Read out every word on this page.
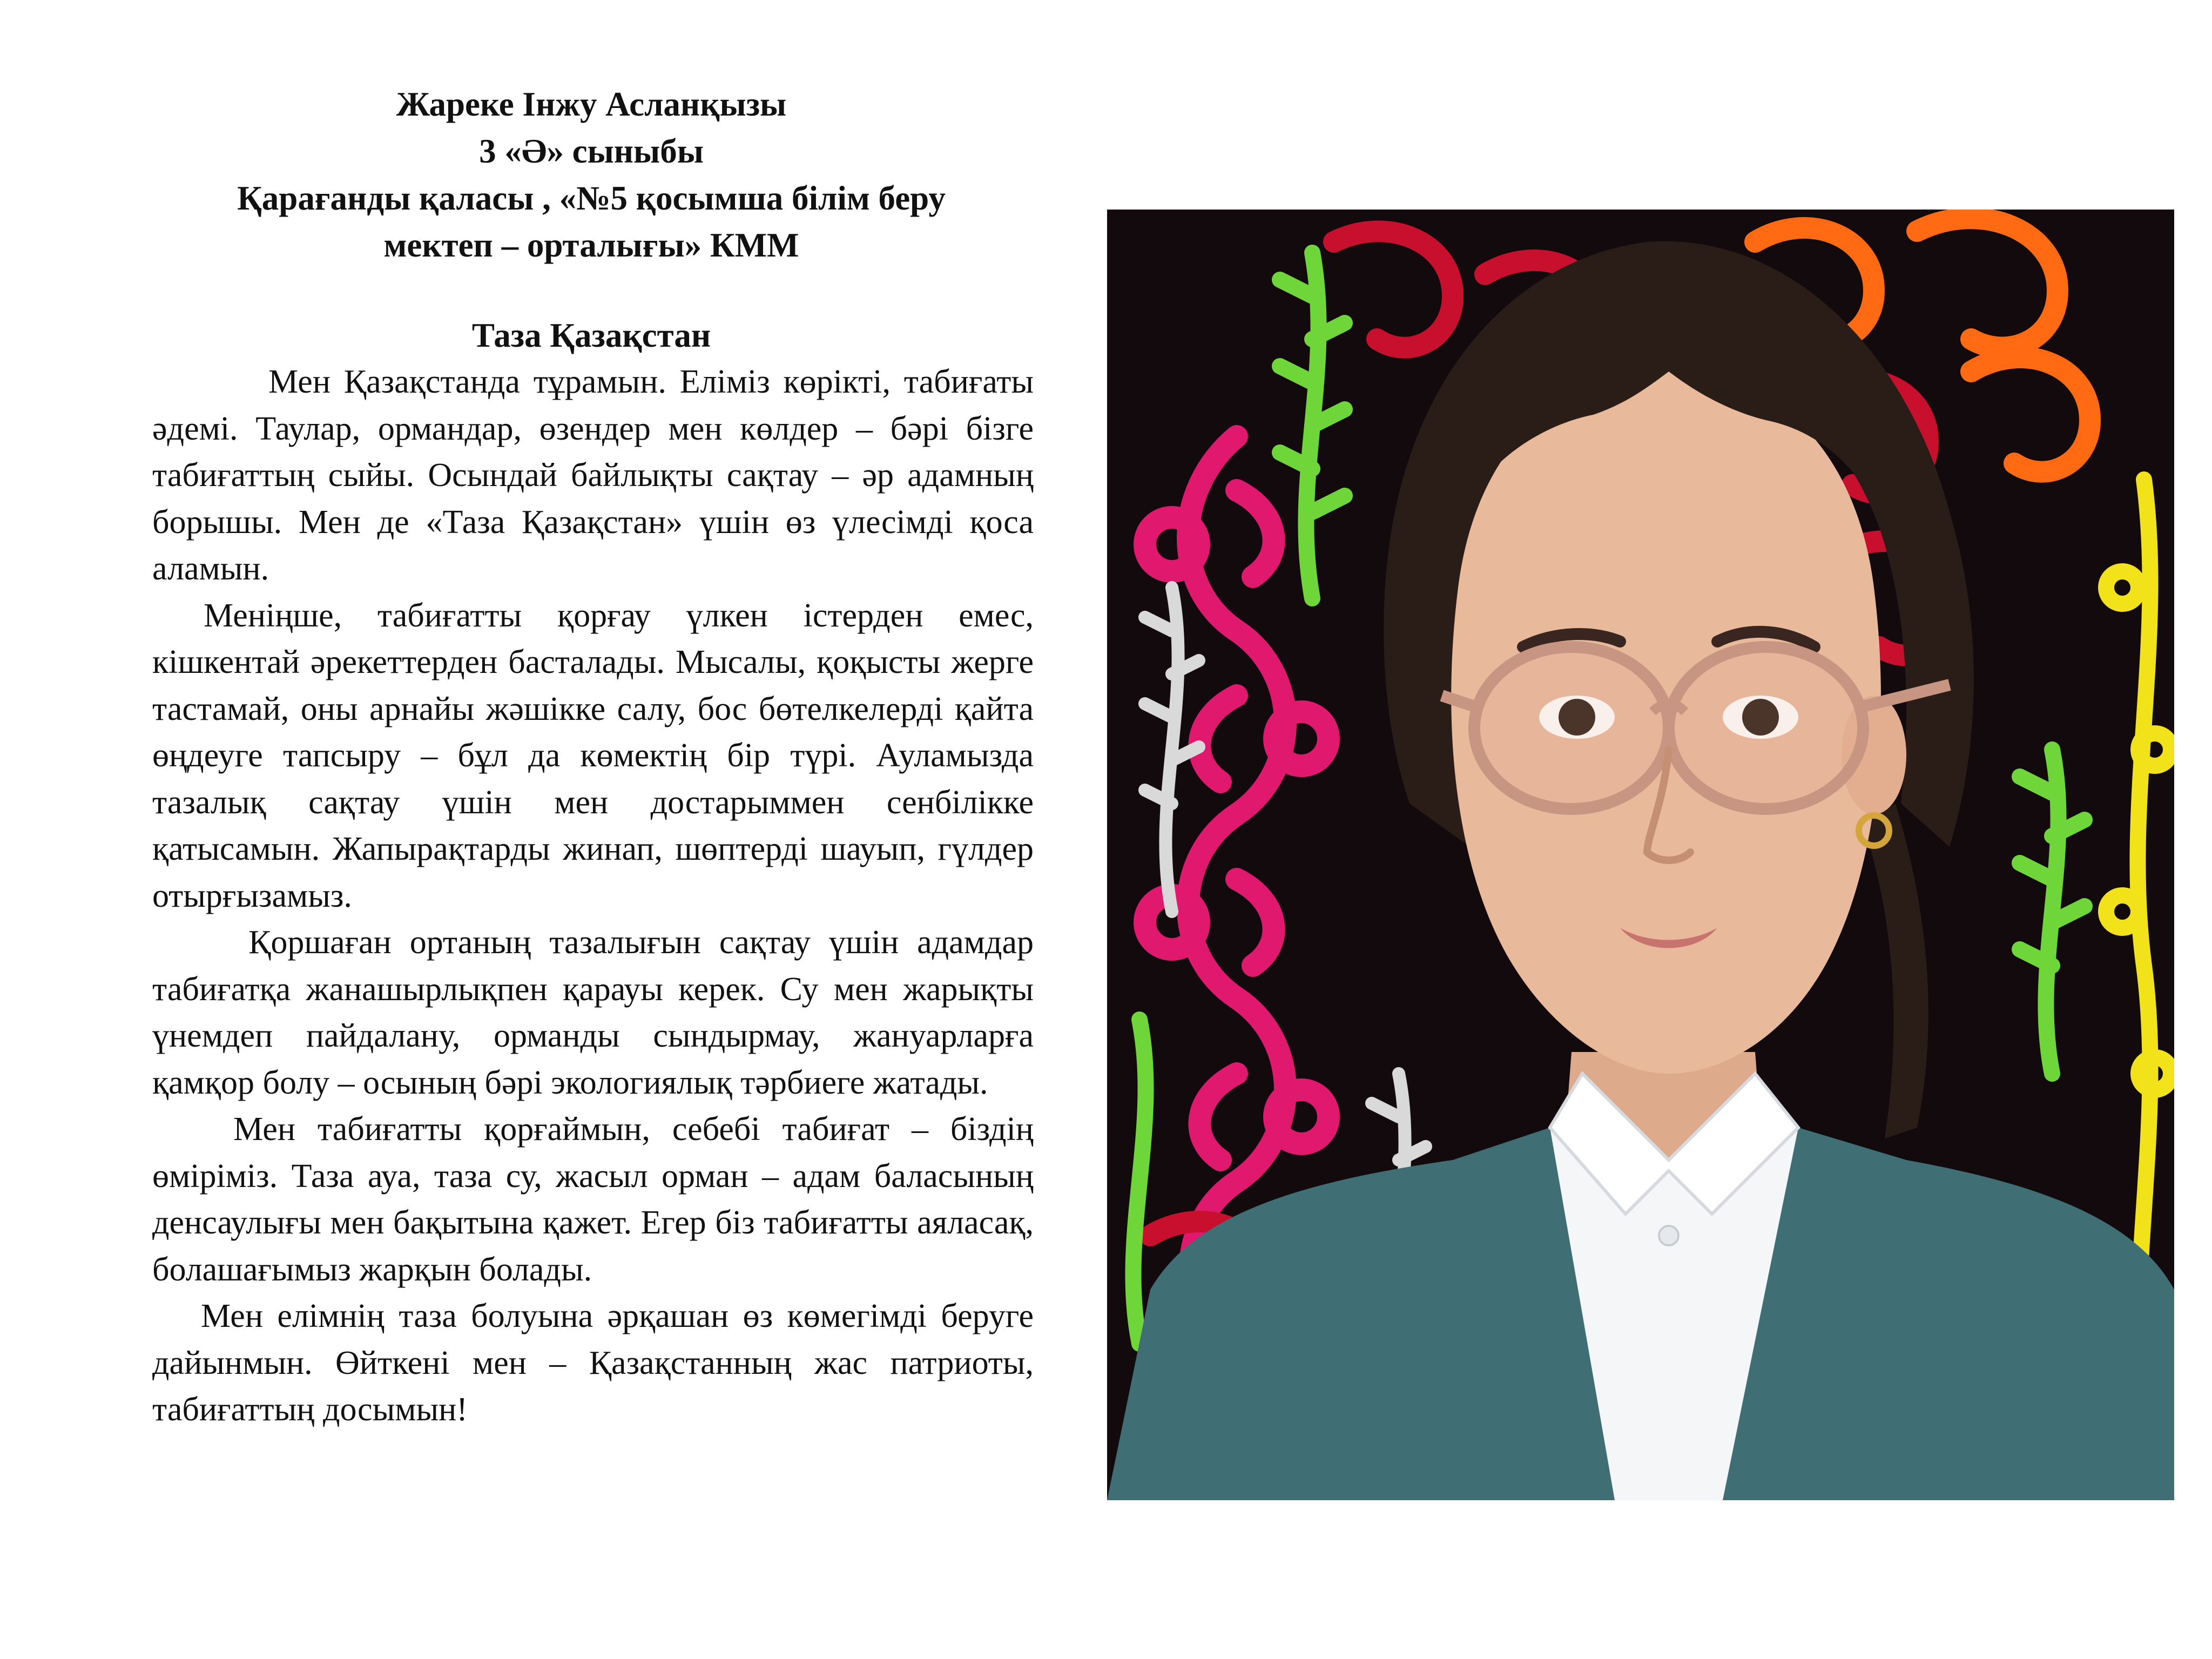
Жареке Інжу Асланқызы
3 «Ә» сыныбы
Қарағанды қаласы , «№5 қосымша білім беру
мектеп – орталығы» КММ
Таза Қазақстан

Мен Қазақстанда тұрамын. Еліміз көрікті, табиғаты әдемі. Таулар, ормандар, өзендер мен көлдер – бәрі бізге табиғаттың сыйы. Осындай байлықты сақтау – әр адамның борышы. Мен де «Таза Қазақстан» үшін өз үлесімді қоса аламын.

Меніңше, табиғатты қорғау үлкен істерден емес, кішкентай әрекеттерден басталады. Мысалы, қоқысты жерге тастамай, оны арнайы жәшікке салу, бос бөтелкелерді қайта өңдеуге тапсыру – бұл да көмектің бір түрі. Ауламызда тазалық сақтау үшін мен достарыммен сенбілікке қатысамын. Жапырақтарды жинап, шөптерді шауып, гүлдер отырғызамыз.

Қоршаған ортаның тазалығын сақтау үшін адамдар табиғатқа жанашырлықпен қарауы керек. Су мен жарықты үнемдеп пайдалану, орманды сындырмау, жануарларға қамқор болу – осының бәрі экологиялық тәрбиеге жатады.

Мен табиғатты қорғаймын, себебі табиғат – біздің өміріміз. Таза ауа, таза су, жасыл орман – адам баласының денсаулығы мен бақытына қажет. Егер біз табиғатты аяласақ, болашағымыз жарқын болады.

Мен елімнің таза болуына әрқашан өз көмегімді беруге дайынмын. Өйткені мен – Қазақстанның жас патриоты, табиғаттың досымын!
